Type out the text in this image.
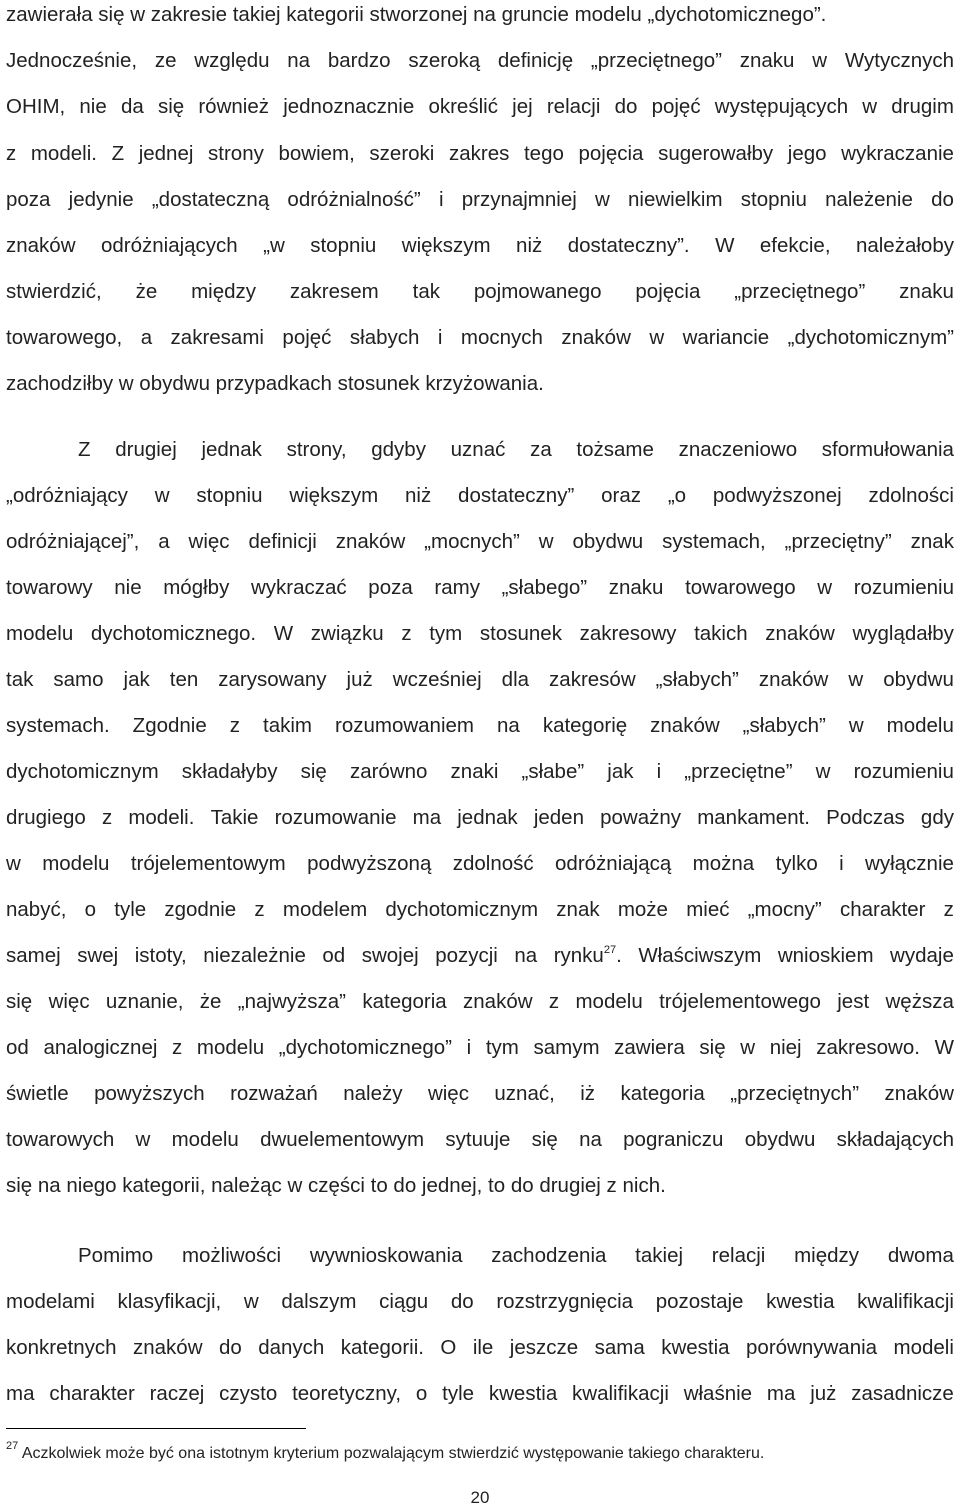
zawierała się w zakresie takiej kategorii stworzonej na gruncie modelu „dychotomicznego”.
Jednocześnie, ze względu na bardzo szeroką definicję „przeciętnego” znaku w Wytycznych
OHIM, nie da się również jednoznacznie określić jej relacji do pojęć występujących w drugim
z modeli. Z jednej strony bowiem, szeroki zakres tego pojęcia sugerowałby jego wykraczanie
poza jedynie „dostateczną odróżnialność” i przynajmniej w niewielkim stopniu należenie do
znaków odróżniających „w stopniu większym niż dostateczny”. W efekcie, należałoby
stwierdzić, że między zakresem tak pojmowanego pojęcia „przeciętnego” znaku
towarowego, a zakresami pojęć słabych i mocnych znaków w wariancie „dychotomicznym”
zachodziłby w obydwu przypadkach stosunek krzyżowania.
Z drugiej jednak strony, gdyby uznać za tożsame znaczeniowo sformułowania
„odróżniający w stopniu większym niż dostateczny” oraz „o podwyższonej zdolności
odróżniającej”, a więc definicji znaków „mocnych” w obydwu systemach, „przeciętny” znak
towarowy nie mógłby wykraczać poza ramy „słabego” znaku towarowego w rozumieniu
modelu dychotomicznego. W związku z tym stosunek zakresowy takich znaków wyglądałby
tak samo jak ten zarysowany już wcześniej dla zakresów „słabych” znaków w obydwu
systemach. Zgodnie z takim rozumowaniem na kategorię znaków „słabych” w modelu
dychotomicznym składałyby się zarówno znaki „słabe” jak i „przeciętne” w rozumieniu
drugiego z modeli. Takie rozumowanie ma jednak jeden poważny mankament. Podczas gdy
w modelu trójelementowym podwyższoną zdolność odróżniającą można tylko i wyłącznie
nabyć, o tyle zgodnie z modelem dychotomicznym znak może mieć „mocny” charakter z
samej swej istoty, niezależnie od swojej pozycji na rynku$^{27}$. Właściwszym wnioskiem wydaje
się więc uznanie, że „najwyższa” kategoria znaków z modelu trójelementowego jest węższa
od analogicznej z modelu „dychotomicznego” i tym samym zawiera się w niej zakresowo. W
świetle powyższych rozważań należy więc uznać, iż kategoria „przeciętnych” znaków
towarowych w modelu dwuelementowym sytuuje się na pograniczu obydwu składających
się na niego kategorii, należąc w części to do jednej, to do drugiej z nich.
Pomimo możliwości wywnioskowania zachodzenia takiej relacji między dwoma
modelami klasyfikacji, w dalszym ciągu do rozstrzygnięcia pozostaje kwestia kwalifikacji
konkretnych znaków do danych kategorii. O ile jeszcze sama kwestia porównywania modeli
ma charakter raczej czysto teoretyczny, o tyle kwestia kwalifikacji właśnie ma już zasadnicze
$^{27}$ Aczkolwiek może być ona istotnym kryterium pozwalającym stwierdzić występowanie takiego charakteru.
20
